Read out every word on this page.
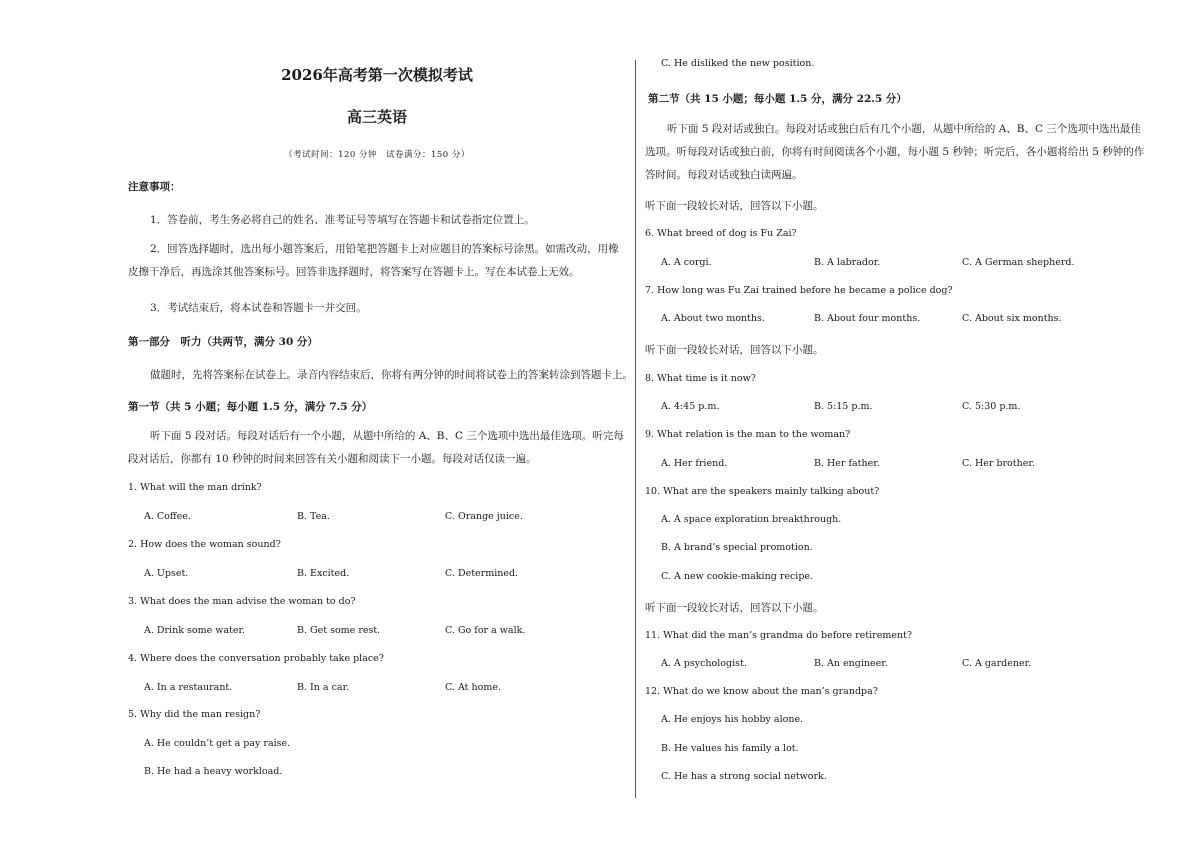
2026年高考第一次模拟考试
高三英语
（考试时间：120 分钟　试卷满分：150 分）
注意事项：
1．答卷前，考生务必将自己的姓名、准考证号等填写在答题卡和试卷指定位置上。
2．回答选择题时，选出每小题答案后，用铅笔把答题卡上对应题目的答案标号涂黑。如需改动，用橡皮擦干净后，再选涂其他答案标号。回答非选择题时，将答案写在答题卡上。写在本试卷上无效。
3．考试结束后，将本试卷和答题卡一并交回。
第一部分　听力（共两节，满分 30 分）
做题时，先将答案标在试卷上。录音内容结束后，你将有两分钟的时间将试卷上的答案转涂到答题卡上。
第一节（共 5 小题；每小题 1.5 分，满分 7.5 分）
听下面 5 段对话。每段对话后有一个小题，从题中所给的 A、B、C 三个选项中选出最佳选项。听完每段对话后，你都有 10 秒钟的时间来回答有关小题和阅读下一小题。每段对话仅读一遍。
1. What will the man drink?
A. Coffee.	B. Tea.	C. Orange juice.
2. How does the woman sound?
A. Upset.	B. Excited.	C. Determined.
3. What does the man advise the woman to do?
A. Drink some water.	B. Get some rest.	C. Go for a walk.
4. Where does the conversation probably take place?
A. In a restaurant.	B. In a car.	C. At home.
5. Why did the man resign?
A. He couldn’t get a pay raise.
B. He had a heavy workload.
C. He disliked the new position.
第二节（共 15 小题；每小题 1.5 分，满分 22.5 分）
听下面 5 段对话或独白。每段对话或独白后有几个小题，从题中所给的 A、B、C 三个选项中选出最佳选项。听每段对话或独白前，你将有时间阅读各个小题，每小题 5 秒钟；听完后，各小题将给出 5 秒钟的作答时间。每段对话或独白读两遍。
听下面一段较长对话，回答以下小题。
6. What breed of dog is Fu Zai?
A. A corgi.	B. A labrador.	C. A German shepherd.
7. How long was Fu Zai trained before he became a police dog?
A. About two months.	B. About four months.	C. About six months.
听下面一段较长对话，回答以下小题。
8. What time is it now?
A. 4:45 p.m.	B. 5:15 p.m.	C. 5:30 p.m.
9. What relation is the man to the woman?
A. Her friend.	B. Her father.	C. Her brother.
10. What are the speakers mainly talking about?
A. A space exploration breakthrough.
B. A brand’s special promotion.
C. A new cookie-making recipe.
听下面一段较长对话，回答以下小题。
11. What did the man’s grandma do before retirement?
A. A psychologist.	B. An engineer.	C. A gardener.
12. What do we know about the man’s grandpa?
A. He enjoys his hobby alone.
B. He values his family a lot.
C. He has a strong social network.
